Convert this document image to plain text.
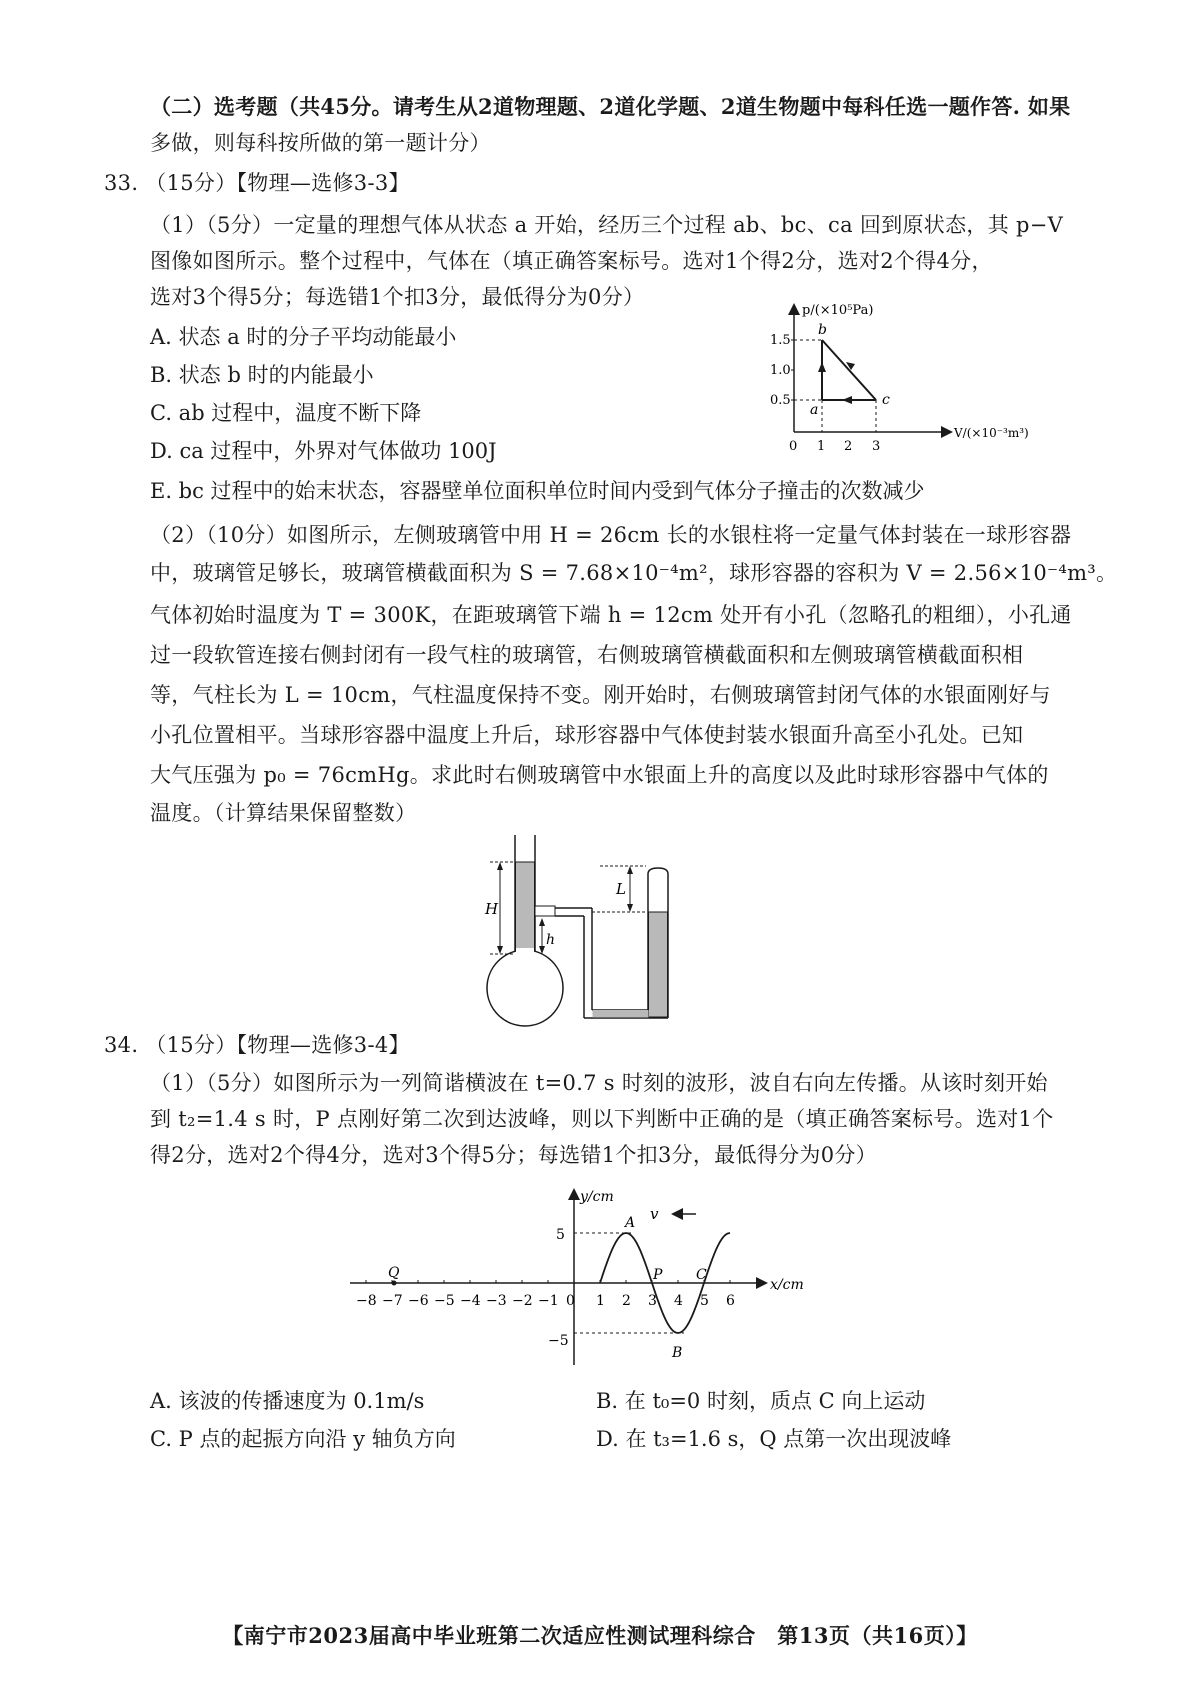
（二）选考题（共45分。请考生从2道物理题、2道化学题、2道生物题中每科任选一题作答. 如果
多做，则每科按所做的第一题计分）
33. （15分）【物理—选修3-3】
（1）（5分）一定量的理想气体从状态 a 开始，经历三个过程 ab、bc、ca 回到原状态，其 p−V
图像如图所示。整个过程中，气体在（填正确答案标号。选对1个得2分，选对2个得4分，
选对3个得5分；每选错1个扣3分，最低得分为0分）
A. 状态 a 时的分子平均动能最小
B. 状态 b 时的内能最小
C. ab 过程中，温度不断下降
D. ca 过程中，外界对气体做功 100J
E. bc 过程中的始末状态，容器壁单位面积单位时间内受到气体分子撞击的次数减少
p/(×10⁵Pa)
V/(×10⁻³m³)
1.5
1.0
0.5
0 1 2 3
a
b
c
（2）（10分）如图所示，左侧玻璃管中用 H = 26cm 长的水银柱将一定量气体封装在一球形容器
中，玻璃管足够长，玻璃管横截面积为 S = 7.68×10⁻⁴m²，球形容器的容积为 V = 2.56×10⁻⁴m³。
气体初始时温度为 T = 300K，在距玻璃管下端 h = 12cm 处开有小孔（忽略孔的粗细），小孔通
过一段软管连接右侧封闭有一段气柱的玻璃管，右侧玻璃管横截面积和左侧玻璃管横截面积相
等，气柱长为 L = 10cm，气柱温度保持不变。刚开始时，右侧玻璃管封闭气体的水银面刚好与
小孔位置相平。当球形容器中温度上升后，球形容器中气体使封装水银面升高至小孔处。已知
大气压强为 p₀ = 76cmHg。求此时右侧玻璃管中水银面上升的高度以及此时球形容器中气体的
温度。（计算结果保留整数）
H
h
L
34. （15分）【物理—选修3-4】
（1）（5分）如图所示为一列简谐横波在 t=0.7 s 时刻的波形，波自右向左传播。从该时刻开始
到 t₂=1.4 s 时，P 点刚好第二次到达波峰，则以下判断中正确的是（填正确答案标号。选对1个
得2分，选对2个得4分，选对3个得5分；每选错1个扣3分，最低得分为0分）
y/cm
x/cm
−8 −7 −6 −5 −4 −3 −2 −1 0 1 2 3 4 5 6
5
−5
v
A
B
P C
Q
A. 该波的传播速度为 0.1m/s	B. 在 t₀=0 时刻，质点 C 向上运动
C. P 点的起振方向沿 y 轴负方向	D. 在 t₃=1.6 s，Q 点第一次出现波峰
【南宁市2023届高中毕业班第二次适应性测试理科综合　第13页（共16页）】
